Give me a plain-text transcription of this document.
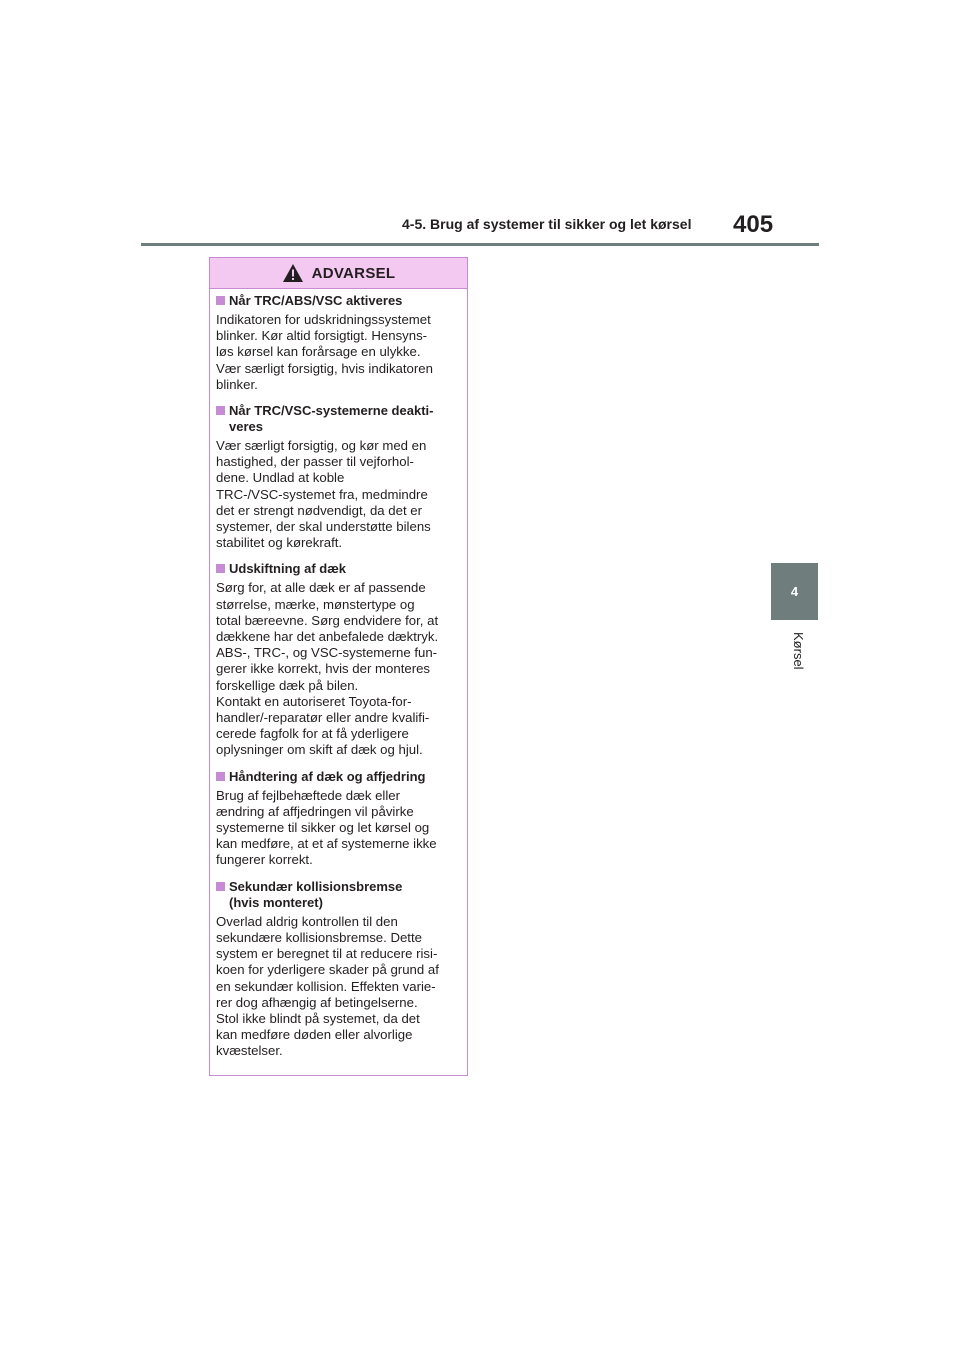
4-5. Brug af systemer til sikker og let kørsel 405
4
Kørsel
ADVARSEL
Når TRC/ABS/VSC aktiveres
Indikatoren for udskridningssystemet
blinker. Kør altid forsigtigt. Hensyns-
løs kørsel kan forårsage en ulykke.
Vær særligt forsigtig, hvis indikatoren
blinker.
Når TRC/VSC-systemerne deakti-
veres
Vær særligt forsigtig, og kør med en
hastighed, der passer til vejforhol-
dene. Undlad at koble
TRC-/VSC-systemet fra, medmindre
det er strengt nødvendigt, da det er
systemer, der skal understøtte bilens
stabilitet og kørekraft.
Udskiftning af dæk
Sørg for, at alle dæk er af passende
størrelse, mærke, mønstertype og
total bæreevne. Sørg endvidere for, at
dækkene har det anbefalede dæktryk.
ABS-, TRC-, og VSC-systemerne fun-
gerer ikke korrekt, hvis der monteres
forskellige dæk på bilen.
Kontakt en autoriseret Toyota-for-
handler/-reparatør eller andre kvalifi-
cerede fagfolk for at få yderligere
oplysninger om skift af dæk og hjul.
Håndtering af dæk og affjedring
Brug af fejlbehæftede dæk eller
ændring af affjedringen vil påvirke
systemerne til sikker og let kørsel og
kan medføre, at et af systemerne ikke
fungerer korrekt.
Sekundær kollisionsbremse
(hvis monteret)
Overlad aldrig kontrollen til den
sekundære kollisionsbremse. Dette
system er beregnet til at reducere risi-
koen for yderligere skader på grund af
en sekundær kollision. Effekten varie-
rer dog afhængig af betingelserne.
Stol ikke blindt på systemet, da det
kan medføre døden eller alvorlige
kvæstelser.
